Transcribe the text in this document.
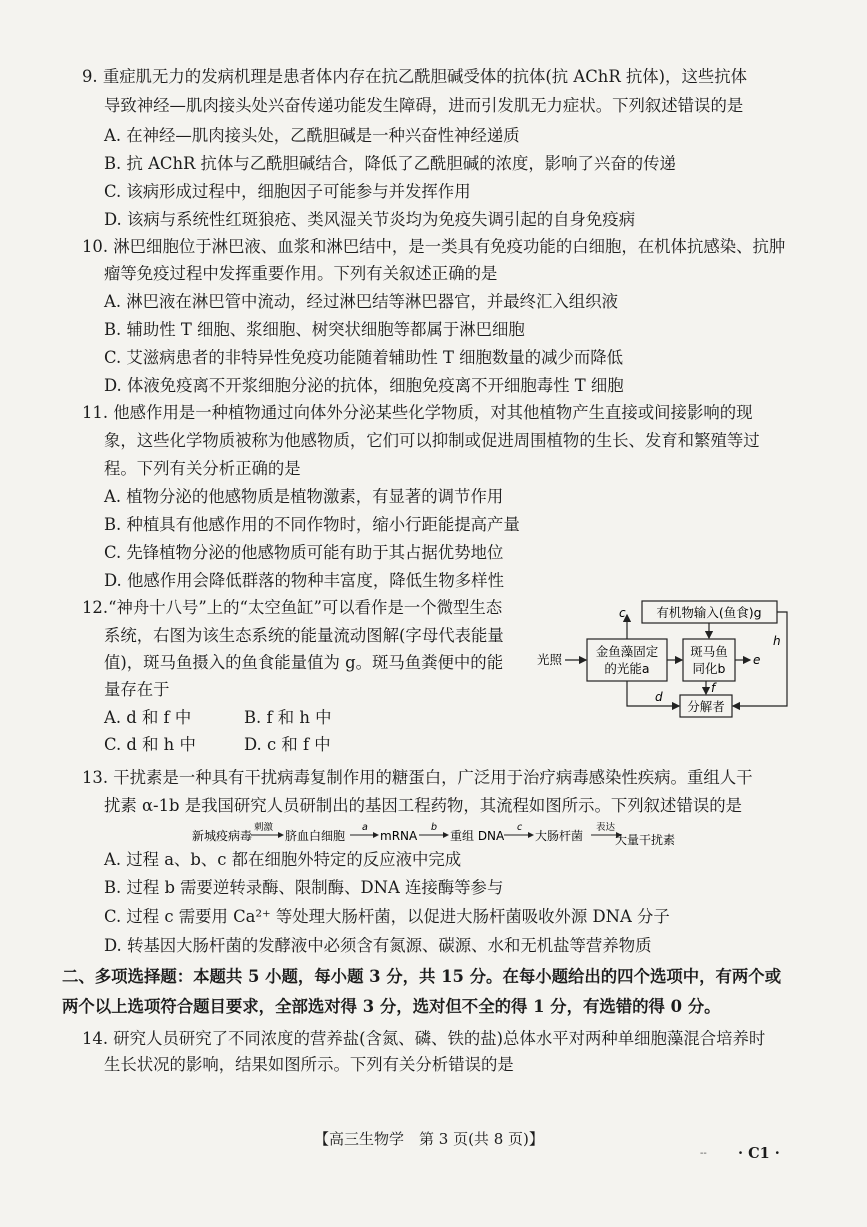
9. 重症肌无力的发病机理是患者体内存在抗乙酰胆碱受体的抗体(抗 AChR 抗体)，这些抗体
导致神经—肌肉接头处兴奋传递功能发生障碍，进而引发肌无力症状。下列叙述错误的是
A. 在神经—肌肉接头处，乙酰胆碱是一种兴奋性神经递质
B. 抗 AChR 抗体与乙酰胆碱结合，降低了乙酰胆碱的浓度，影响了兴奋的传递
C. 该病形成过程中，细胞因子可能参与并发挥作用
D. 该病与系统性红斑狼疮、类风湿关节炎均为免疫失调引起的自身免疫病
10. 淋巴细胞位于淋巴液、血浆和淋巴结中，是一类具有免疫功能的白细胞，在机体抗感染、抗肿
瘤等免疫过程中发挥重要作用。下列有关叙述正确的是
A. 淋巴液在淋巴管中流动，经过淋巴结等淋巴器官，并最终汇入组织液
B. 辅助性 T 细胞、浆细胞、树突状细胞等都属于淋巴细胞
C. 艾滋病患者的非特异性免疫功能随着辅助性 T 细胞数量的减少而降低
D. 体液免疫离不开浆细胞分泌的抗体，细胞免疫离不开细胞毒性 T 细胞
11. 他感作用是一种植物通过向体外分泌某些化学物质，对其他植物产生直接或间接影响的现
象，这些化学物质被称为他感物质，它们可以抑制或促进周围植物的生长、发育和繁殖等过
程。下列有关分析正确的是
A. 植物分泌的他感物质是植物激素，有显著的调节作用
B. 种植具有他感作用的不同作物时，缩小行距能提高产量
C. 先锋植物分泌的他感物质可能有助于其占据优势地位
D. 他感作用会降低群落的物种丰富度，降低生物多样性
12.“神舟十八号”上的“太空鱼缸”可以看作是一个微型生态
系统，右图为该生态系统的能量流动图解(字母代表能量
值)，斑马鱼摄入的鱼食能量值为 g。斑马鱼粪便中的能
量存在于
A. d 和 f 中	B. f 和 h 中
C. d 和 h 中	D. c 和 f 中
有机物输入(鱼食)g
金鱼藻固定
的光能a
斑马鱼
同化b
分解者
光照
c
e
f
d
h
13. 干扰素是一种具有干扰病毒复制作用的糖蛋白，广泛用于治疗病毒感染性疾病。重组人干
扰素 α-1b 是我国研究人员研制出的基因工程药物，其流程如图所示。下列叙述错误的是
新城疫病毒
刺激
脐血白细胞
a
mRNA
b
重组 DNA
c
大肠杆菌
表达
大量干扰素
A. 过程 a、b、c 都在细胞外特定的反应液中完成
B. 过程 b 需要逆转录酶、限制酶、DNA 连接酶等参与
C. 过程 c 需要用 Ca²⁺ 等处理大肠杆菌，以促进大肠杆菌吸收外源 DNA 分子
D. 转基因大肠杆菌的发酵液中必须含有氮源、碳源、水和无机盐等营养物质
二、多项选择题：本题共 5 小题，每小题 3 分，共 15 分。在每小题给出的四个选项中，有两个或
两个以上选项符合题目要求，全部选对得 3 分，选对但不全的得 1 分，有选错的得 0 分。
14. 研究人员研究了不同浓度的营养盐(含氮、磷、铁的盐)总体水平对两种单细胞藻混合培养时
生长状况的影响，结果如图所示。下列有关分析错误的是
【高三生物学　第 3 页(共 8 页)】
-- · C1 ·
